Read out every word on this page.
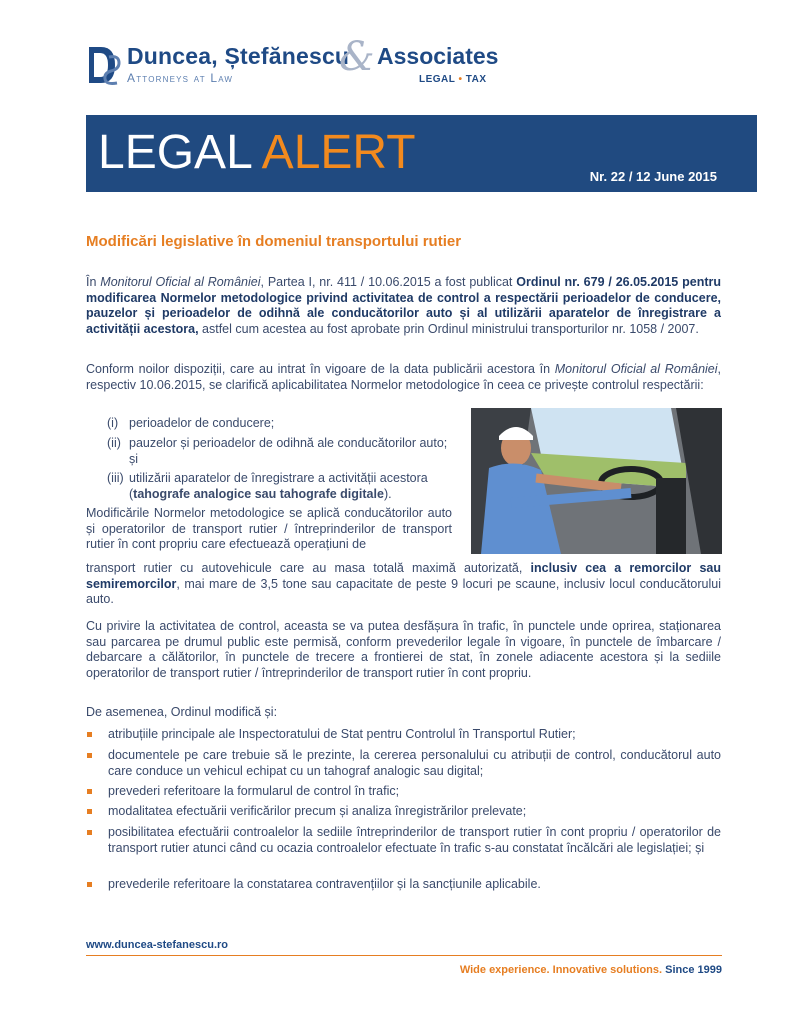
Duncea, Ștefănescu
& Associates
Attorneys at Law	LEGAL • TAX
LEGAL ALERT	Nr. 22 / 12 June 2015
Modificări legislative în domeniul transportului rutier
În Monitorul Oficial al României, Partea I, nr. 411 / 10.06.2015 a fost publicat Ordinul nr. 679 / 26.05.2015 pentru modificarea Normelor metodologice privind activitatea de control a respectării perioadelor de conducere, pauzelor și perioadelor de odihnă ale conducătorilor auto și al utilizării aparatelor de înregistrare a activității acestora, astfel cum acestea au fost aprobate prin Ordinul ministrului transporturilor nr. 1058 / 2007.
Conform noilor dispoziții, care au intrat în vigoare de la data publicării acestora în Monitorul Oficial al României, respectiv 10.06.2015, se clarifică aplicabilitatea Normelor metodologice în ceea ce privește controlul respectării:
(i) perioadelor de conducere;
(ii) pauzelor și perioadelor de odihnă ale conducătorilor auto; și
(iii) utilizării aparatelor de înregistrare a activității acestora (tahografe analogice sau tahografe digitale).
Modificările Normelor metodologice se aplică conducătorilor auto și operatorilor de transport rutier / întreprinderilor de transport rutier în cont propriu care efectuează operațiuni de
transport rutier cu autovehicule care au masa totală maximă autorizată, inclusiv cea a remorcilor sau semiremorcilor, mai mare de 3,5 tone sau capacitate de peste 9 locuri pe scaune, inclusiv locul conducătorului auto.
Cu privire la activitatea de control, aceasta se va putea desfășura în trafic, în punctele unde oprirea, staționarea sau parcarea pe drumul public este permisă, conform prevederilor legale în vigoare, în punctele de îmbarcare / debarcare a călătorilor, în punctele de trecere a frontierei de stat, în zonele adiacente acestora și la sediile operatorilor de transport rutier / întreprinderilor de transport rutier în cont propriu.
De asemenea, Ordinul modifică și:
atribuțiile principale ale Inspectoratului de Stat pentru Controlul în Transportul Rutier;
documentele pe care trebuie să le prezinte, la cererea personalului cu atribuții de control, conducătorul auto care conduce un vehicul echipat cu un tahograf analogic sau digital;
prevederi referitoare la formularul de control în trafic;
modalitatea efectuării verificărilor precum și analiza înregistrărilor prelevate;
posibilitatea efectuării controalelor la sediile întreprinderilor de transport rutier în cont propriu / operatorilor de transport rutier atunci când cu ocazia controalelor efectuate în trafic s-au constatat încălcări ale legislației; și
prevederile referitoare la constatarea contravențiilor și la sancțiunile aplicabile.
www.duncea-stefanescu.ro
Wide experience. Innovative solutions. Since 1999
